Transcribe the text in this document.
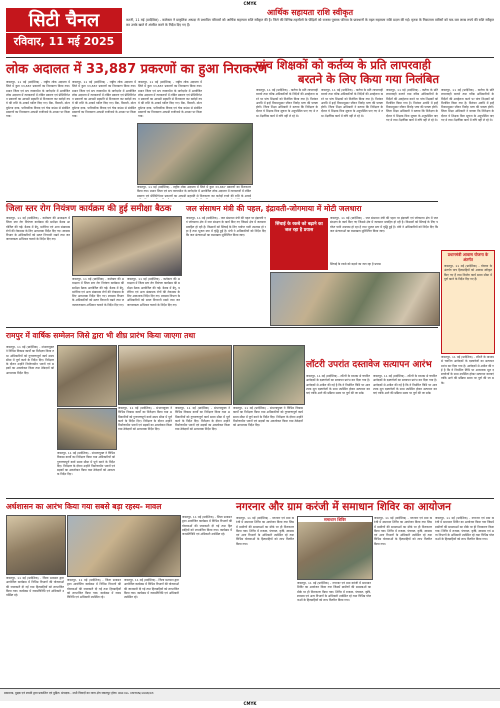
CMYK
CMYK
सिटी चैनल
रविवार, 11 मई 2025
आर्थिक सहायता राशि स्वीकृत
कटनी, 11 मई (प्रादेशिक) - कलेक्टर ने प्राकृतिक आपदा से प्रभावित परिवारों को आर्थिक सहायता राशि स्वीकृत की है। जिले की विभिन्न तहसीलों के पीड़ितों को राजस्व पुस्तक परिपत्र के प्रावधानों के तहत सहायता राशि प्रदान की गई। मृतक के निकटतम वारिसों को चार-चार लाख रुपये की राशि स्वीकृत कर उनके खाते में अंतरित करने के निर्देश दिए गए हैं।
लोक अदालत में 33,887 प्रकरणों का हुआ निराकरण
पांच शिक्षकों को कर्तव्य के प्रति लापरवाही
बरतने के लिए किया गया निलंबित
जबलपुर, 11 मई (प्रादेशिक) - राष्ट्रीय लोक अदालत में जिले में कुल 33,887 प्रकरणों का निराकरण किया गया। प्रधान जिला एवं सत्र न्यायाधीश के मार्गदर्शन में आयोजित लोक अदालत में न्यायालयों में लंबित प्रकरण एवं प्रीलिटिगेशन प्रकरणों का आपसी सहमति से निराकरण कर करोड़ों रुपये की राशि के अवार्ड पारित किए गए। बैंक, बिजली, मोटर दुर्घटना दावा, पारिवारिक विवाद एवं चेक बाउंस से संबंधित प्रकरणों का निराकरण आपसी राजीनामे के आधार पर किया गया।
जबलपुर, 11 मई (प्रादेशिक) - राष्ट्रीय लोक अदालत में जिले में कुल 33,887 प्रकरणों का निराकरण किया गया। प्रधान जिला एवं सत्र न्यायाधीश के मार्गदर्शन में आयोजित लोक अदालत में न्यायालयों में लंबित प्रकरण एवं प्रीलिटिगेशन प्रकरणों का आपसी सहमति से निराकरण कर करोड़ों रुपये की राशि के अवार्ड पारित किए गए। बैंक, बिजली, मोटर दुर्घटना दावा, पारिवारिक विवाद एवं चेक बाउंस से संबंधित प्रकरणों का निराकरण आपसी राजीनामे के आधार पर किया गया।
जबलपुर, 11 मई (प्रादेशिक) - राष्ट्रीय लोक अदालत में जिले में कुल 33,887 प्रकरणों का निराकरण किया गया। प्रधान जिला एवं सत्र न्यायाधीश के मार्गदर्शन में आयोजित लोक अदालत में न्यायालयों में लंबित प्रकरण एवं प्रीलिटिगेशन प्रकरणों का आपसी सहमति से निराकरण कर करोड़ों रुपये की राशि के अवार्ड पारित किए गए। बैंक, बिजली, मोटर दुर्घटना दावा, पारिवारिक विवाद एवं चेक बाउंस से संबंधित प्रकरणों का निराकरण आपसी राजीनामे के आधार पर किया गया।
जबलपुर, 11 मई (प्रादेशिक) - राष्ट्रीय लोक अदालत में जिले में कुल 33,887 प्रकरणों का निराकरण किया गया। प्रधान जिला एवं सत्र न्यायाधीश के मार्गदर्शन में आयोजित लोक अदालत में न्यायालयों में लंबित प्रकरण एवं प्रीलिटिगेशन प्रकरणों का आपसी सहमति से निराकरण कर करोड़ों रुपये की राशि के अवार्ड
जबलपुर, 11 मई (प्रादेशिक) - कर्तव्य के प्रति लापरवाही बरतने तथा वरिष्ठ अधिकारियों के निर्देशों की अवहेलना करने पर पांच शिक्षकों को निलंबित किया गया है। निलंबन अवधि में इन्हें नियमानुसार जीवन निर्वाह भत्ता की पात्रता होगी। जिला शिक्षा अधिकारी ने बताया कि निरीक्षण के दौरान ये शिक्षक बिना सूचना के अनुपस्थित पाए गए थे तथा शैक्षणिक कार्य में रुचि नहीं ले रहे थे।
जबलपुर, 11 मई (प्रादेशिक) - कर्तव्य के प्रति लापरवाही बरतने तथा वरिष्ठ अधिकारियों के निर्देशों की अवहेलना करने पर पांच शिक्षकों को निलंबित किया गया है। निलंबन अवधि में इन्हें नियमानुसार जीवन निर्वाह भत्ता की पात्रता होगी। जिला शिक्षा अधिकारी ने बताया कि निरीक्षण के दौरान ये शिक्षक बिना सूचना के अनुपस्थित पाए गए थे तथा शैक्षणिक कार्य में रुचि नहीं ले रहे थे।
जबलपुर, 11 मई (प्रादेशिक) - कर्तव्य के प्रति लापरवाही बरतने तथा वरिष्ठ अधिकारियों के निर्देशों की अवहेलना करने पर पांच शिक्षकों को निलंबित किया गया है। निलंबन अवधि में इन्हें नियमानुसार जीवन निर्वाह भत्ता की पात्रता होगी। जिला शिक्षा अधिकारी ने बताया कि निरीक्षण के दौरान ये शिक्षक बिना सूचना के अनुपस्थित पाए गए थे तथा शैक्षणिक कार्य में रुचि नहीं ले रहे थे।
जबलपुर, 11 मई (प्रादेशिक) - कर्तव्य के प्रति लापरवाही बरतने तथा वरिष्ठ अधिकारियों के निर्देशों की अवहेलना करने पर पांच शिक्षकों को निलंबित किया गया है। निलंबन अवधि में इन्हें नियमानुसार जीवन निर्वाह भत्ता की पात्रता होगी। जिला शिक्षा अधिकारी ने बताया कि निरीक्षण के दौरान ये शिक्षक बिना सूचना के अनुपस्थित पाए गए थे तथा शैक्षणिक कार्य में रुचि नहीं ले रहे थे।
प्रधानमंत्री आवास योजना के अंतर्गत
जबलपुर, 11 मई (प्रादेशिक) - योजना के अंतर्गत पात्र हितग्राहियों को आवास स्वीकृत किए गए हैं तथा निर्माण कार्य समय सीमा में पूर्ण करने के निर्देश दिए गए हैं।
जिला स्तर रोग नियंत्रण कार्यक्रम की हुई समीक्षा बैठक
जबलपुर, 11 मई (प्रादेशिक) - कलेक्टर की अध्यक्षता में जिला स्तर रोग नियंत्रण कार्यक्रम की समीक्षा बैठक आयोजित की गई। बैठक में डेंगू, मलेरिया एवं अन्य संक्रामक रोगों की रोकथाम के लिए आवश्यक निर्देश दिए गए। स्वास्थ्य विभाग के अधिकारियों को सतत निगरानी रखने तथा जनजागरूकता अभियान चलाने के निर्देश दिए गए।
जबलपुर, 11 मई (प्रादेशिक) - कलेक्टर की अध्यक्षता में जिला स्तर रोग नियंत्रण कार्यक्रम की समीक्षा बैठक आयोजित की गई। बैठक में डेंगू, मलेरिया एवं अन्य संक्रामक रोगों की रोकथाम के लिए आवश्यक निर्देश दिए गए। स्वास्थ्य विभाग के अधिकारियों को सतत निगरानी रखने तथा जनजागरूकता अभियान चलाने के निर्देश दिए गए।
जबलपुर, 11 मई (प्रादेशिक) - कलेक्टर की अध्यक्षता में जिला स्तर रोग नियंत्रण कार्यक्रम की समीक्षा बैठक आयोजित की गई। बैठक में डेंगू, मलेरिया एवं अन्य संक्रामक रोगों की रोकथाम के लिए आवश्यक निर्देश दिए गए। स्वास्थ्य विभाग के अधिकारियों को सतत निगरानी रखने तथा जनजागरूकता अभियान चलाने के निर्देश दिए गए।
जल संसाधन मंत्री की पहल, इंद्रावती-जोगमाया में मोटी जलधारा
सिंचाई के रकबे को बढ़ाने का जल रहा है प्रयास
जबलपुर, 11 मई (प्रादेशिक) - जल संसाधन मंत्री की पहल पर इंद्रावती एवं जोगमाया क्षेत्र में जल संरक्षण के कार्य किए गए जिससे क्षेत्र में जलधारा प्रवाहित हो रही है। किसानों को सिंचाई के लिए पर्याप्त पानी उपलब्ध हो रहा है तथा भूजल स्तर में वृद्धि हुई है। मंत्री ने अधिकारियों को निर्देश दिए कि जल संरचनाओं का रखरखाव सुनिश्चित किया जाए।
जबलपुर, 11 मई (प्रादेशिक) - जल संसाधन मंत्री की पहल पर इंद्रावती एवं जोगमाया क्षेत्र में जल संरक्षण के कार्य किए गए जिससे क्षेत्र में जलधारा प्रवाहित हो रही है। किसानों को सिंचाई के लिए पर्याप्त पानी उपलब्ध हो रहा है तथा भूजल स्तर में वृद्धि हुई है। मंत्री ने अधिकारियों को निर्देश दिए कि जल संरचनाओं का रखरखाव सुनिश्चित किया जाए।
सिंचाई के रकबे को बढ़ाने का जल रहा है प्रयास
रामपुर में वार्षिक सम्मेलन जिसे द्वारा भी शीघ्र प्रारंभ किया जाएगा तथा
जबलपुर, 11 मई (प्रादेशिक) - संभागायुक्त ने विभिन्न विकास कार्यों का निरीक्षण किया तथा अधिकारियों को गुणवत्तापूर्ण कार्य समय सीमा में पूर्ण करने के निर्देश दिए। निरीक्षण के दौरान उन्होंने निर्माणाधीन भवनों एवं सड़कों का अवलोकन किया तथा ठेकेदारों को आवश्यक निर्देश दिए।
जबलपुर, 11 मई (प्रादेशिक) - संभागायुक्त ने विभिन्न विकास कार्यों का निरीक्षण किया तथा अधिकारियों को गुणवत्तापूर्ण कार्य समय सीमा में पूर्ण करने के निर्देश दिए। निरीक्षण के दौरान उन्होंने निर्माणाधीन भवनों एवं सड़कों का अवलोकन किया तथा ठेकेदारों को आवश्यक निर्देश दिए।
जबलपुर, 11 मई (प्रादेशिक) - संभागायुक्त ने विभिन्न विकास कार्यों का निरीक्षण किया तथा अधिकारियों को गुणवत्तापूर्ण कार्य समय सीमा में पूर्ण करने के निर्देश दिए। निरीक्षण के दौरान उन्होंने निर्माणाधीन भवनों एवं सड़कों का अवलोकन किया तथा ठेकेदारों को आवश्यक निर्देश दिए।
जबलपुर, 11 मई (प्रादेशिक) - संभागायुक्त ने विभिन्न विकास कार्यों का निरीक्षण किया तथा अधिकारियों को गुणवत्तापूर्ण कार्य समय सीमा में पूर्ण करने के निर्देश दिए। निरीक्षण के दौरान उन्होंने निर्माणाधीन भवनों एवं सड़कों का अवलोकन किया तथा ठेकेदारों को आवश्यक निर्देश दिए।
जबलपुर, 11 मई (प्रादेशिक) - संभागायुक्त ने विभिन्न विकास कार्यों का निरीक्षण किया तथा अधिकारियों को गुणवत्तापूर्ण कार्य समय सीमा में पूर्ण करने के निर्देश दिए। निरीक्षण के दौरान उन्होंने निर्माणाधीन भवनों एवं सड़कों का अवलोकन किया तथा ठेकेदारों को आवश्यक निर्देश दिए।
लॉटरी उपरांत दस्तावेज सत्यापन आरंभ
जबलपुर, 11 मई (प्रादेशिक) - लॉटरी के माध्यम से चयनित आवेदकों के दस्तावेजों का सत्यापन प्रारंभ कर दिया गया है। आवेदकों से अपील की गई है कि वे निर्धारित तिथि पर आवश्यक मूल दस्तावेजों के साथ उपस्थित होकर सत्यापन करवाएं ताकि आगे की प्रक्रिया समय पर पूर्ण की जा सके।
जबलपुर, 11 मई (प्रादेशिक) - लॉटरी के माध्यम से चयनित आवेदकों के दस्तावेजों का सत्यापन प्रारंभ कर दिया गया है। आवेदकों से अपील की गई है कि वे निर्धारित तिथि पर आवश्यक मूल दस्तावेजों के साथ उपस्थित होकर सत्यापन करवाएं ताकि आगे की प्रक्रिया समय पर पूर्ण की जा सके।
जबलपुर, 11 मई (प्रादेशिक) - लॉटरी के माध्यम से चयनित आवेदकों के दस्तावेजों का सत्यापन प्रारंभ कर दिया गया है। आवेदकों से अपील की गई है कि वे निर्धारित तिथि पर आवश्यक मूल दस्तावेजों के साथ उपस्थित होकर सत्यापन करवाएं ताकि आगे की प्रक्रिया समय पर पूर्ण की जा सके।
अर्धशासन का आरंभ किया गया सबसे बड़ा रहस्य- मावल
जबलपुर, 11 मई (प्रादेशिक) - जिला प्रशासन द्वारा आयोजित कार्यक्रम में विभिन्न विभागों की योजनाओं की जानकारी दी गई तथा हितग्राहियों को लाभान्वित किया गया। कार्यक्रम में जनप्रतिनिधि एवं अधिकारी उपस्थित रहे।
जबलपुर, 11 मई (प्रादेशिक) - जिला प्रशासन द्वारा आयोजित कार्यक्रम में विभिन्न विभागों की योजनाओं की जानकारी दी गई तथा हितग्राहियों को लाभान्वित किया गया। कार्यक्रम में जनप्रतिनिधि एवं अधिकारी उपस्थित रहे।
जबलपुर, 11 मई (प्रादेशिक) - जिला प्रशासन द्वारा आयोजित कार्यक्रम में विभिन्न विभागों की योजनाओं की जानकारी दी गई तथा हितग्राहियों को लाभान्वित किया गया। कार्यक्रम में जनप्रतिनिधि एवं अधिकारी उपस्थित रहे।
जबलपुर, 11 मई (प्रादेशिक) - जिला प्रशासन द्वारा आयोजित कार्यक्रम में विभिन्न विभागों की योजनाओं की जानकारी दी गई तथा हितग्राहियों को लाभान्वित किया गया। कार्यक्रम में जनप्रतिनिधि एवं अधिकारी उपस्थित रहे।
नगरनार और ग्राम करंजी में समाधान शिविर का आयोजन
जबलपुर, 11 मई (प्रादेशिक) - नगरनार एवं ग्राम करंजी में समाधान शिविर का आयोजन किया गया जिसमें ग्रामीणों की समस्याओं का मौके पर ही निराकरण किया गया। शिविर में राजस्व, पंचायत, कृषि, स्वास्थ्य एवं अन्य विभागों के अधिकारी उपस्थित रहे तथा विभिन्न योजनाओं के हितग्राहियों को लाभ वितरित किया गया।
समाधान शिविर
जबलपुर, 11 मई (प्रादेशिक) - नगरनार एवं ग्राम करंजी में समाधान शिविर का आयोजन किया गया जिसमें ग्रामीणों की समस्याओं का मौके पर ही निराकरण किया गया। शिविर में राजस्व, पंचायत, कृषि, स्वास्थ्य एवं अन्य विभागों के अधिकारी उपस्थित रहे तथा विभिन्न योजनाओं के हितग्राहियों को लाभ वितरित किया गया।
जबलपुर, 11 मई (प्रादेशिक) - नगरनार एवं ग्राम करंजी में समाधान शिविर का आयोजन किया गया जिसमें ग्रामीणों की समस्याओं का मौके पर ही निराकरण किया गया। शिविर में राजस्व, पंचायत, कृषि, स्वास्थ्य एवं अन्य विभागों के अधिकारी उपस्थित रहे तथा विभिन्न योजनाओं के हितग्राहियों को लाभ वितरित किया गया।
जबलपुर, 11 मई (प्रादेशिक) - नगरनार एवं ग्राम करंजी में समाधान शिविर का आयोजन किया गया जिसमें ग्रामीणों की समस्याओं का मौके पर ही निराकरण किया गया। शिविर में राजस्व, पंचायत, कृषि, स्वास्थ्य एवं अन्य विभागों के अधिकारी उपस्थित रहे तथा विभिन्न योजनाओं के हितग्राहियों को लाभ वितरित किया गया।
प्रकाशक, मुद्रक एवं स्वामी द्वारा प्रकाशित एवं मुद्रित। संपादक - सभी विवादों का न्याय क्षेत्र जबलपुर होगा। RNI No. MPHIN/1998/03
